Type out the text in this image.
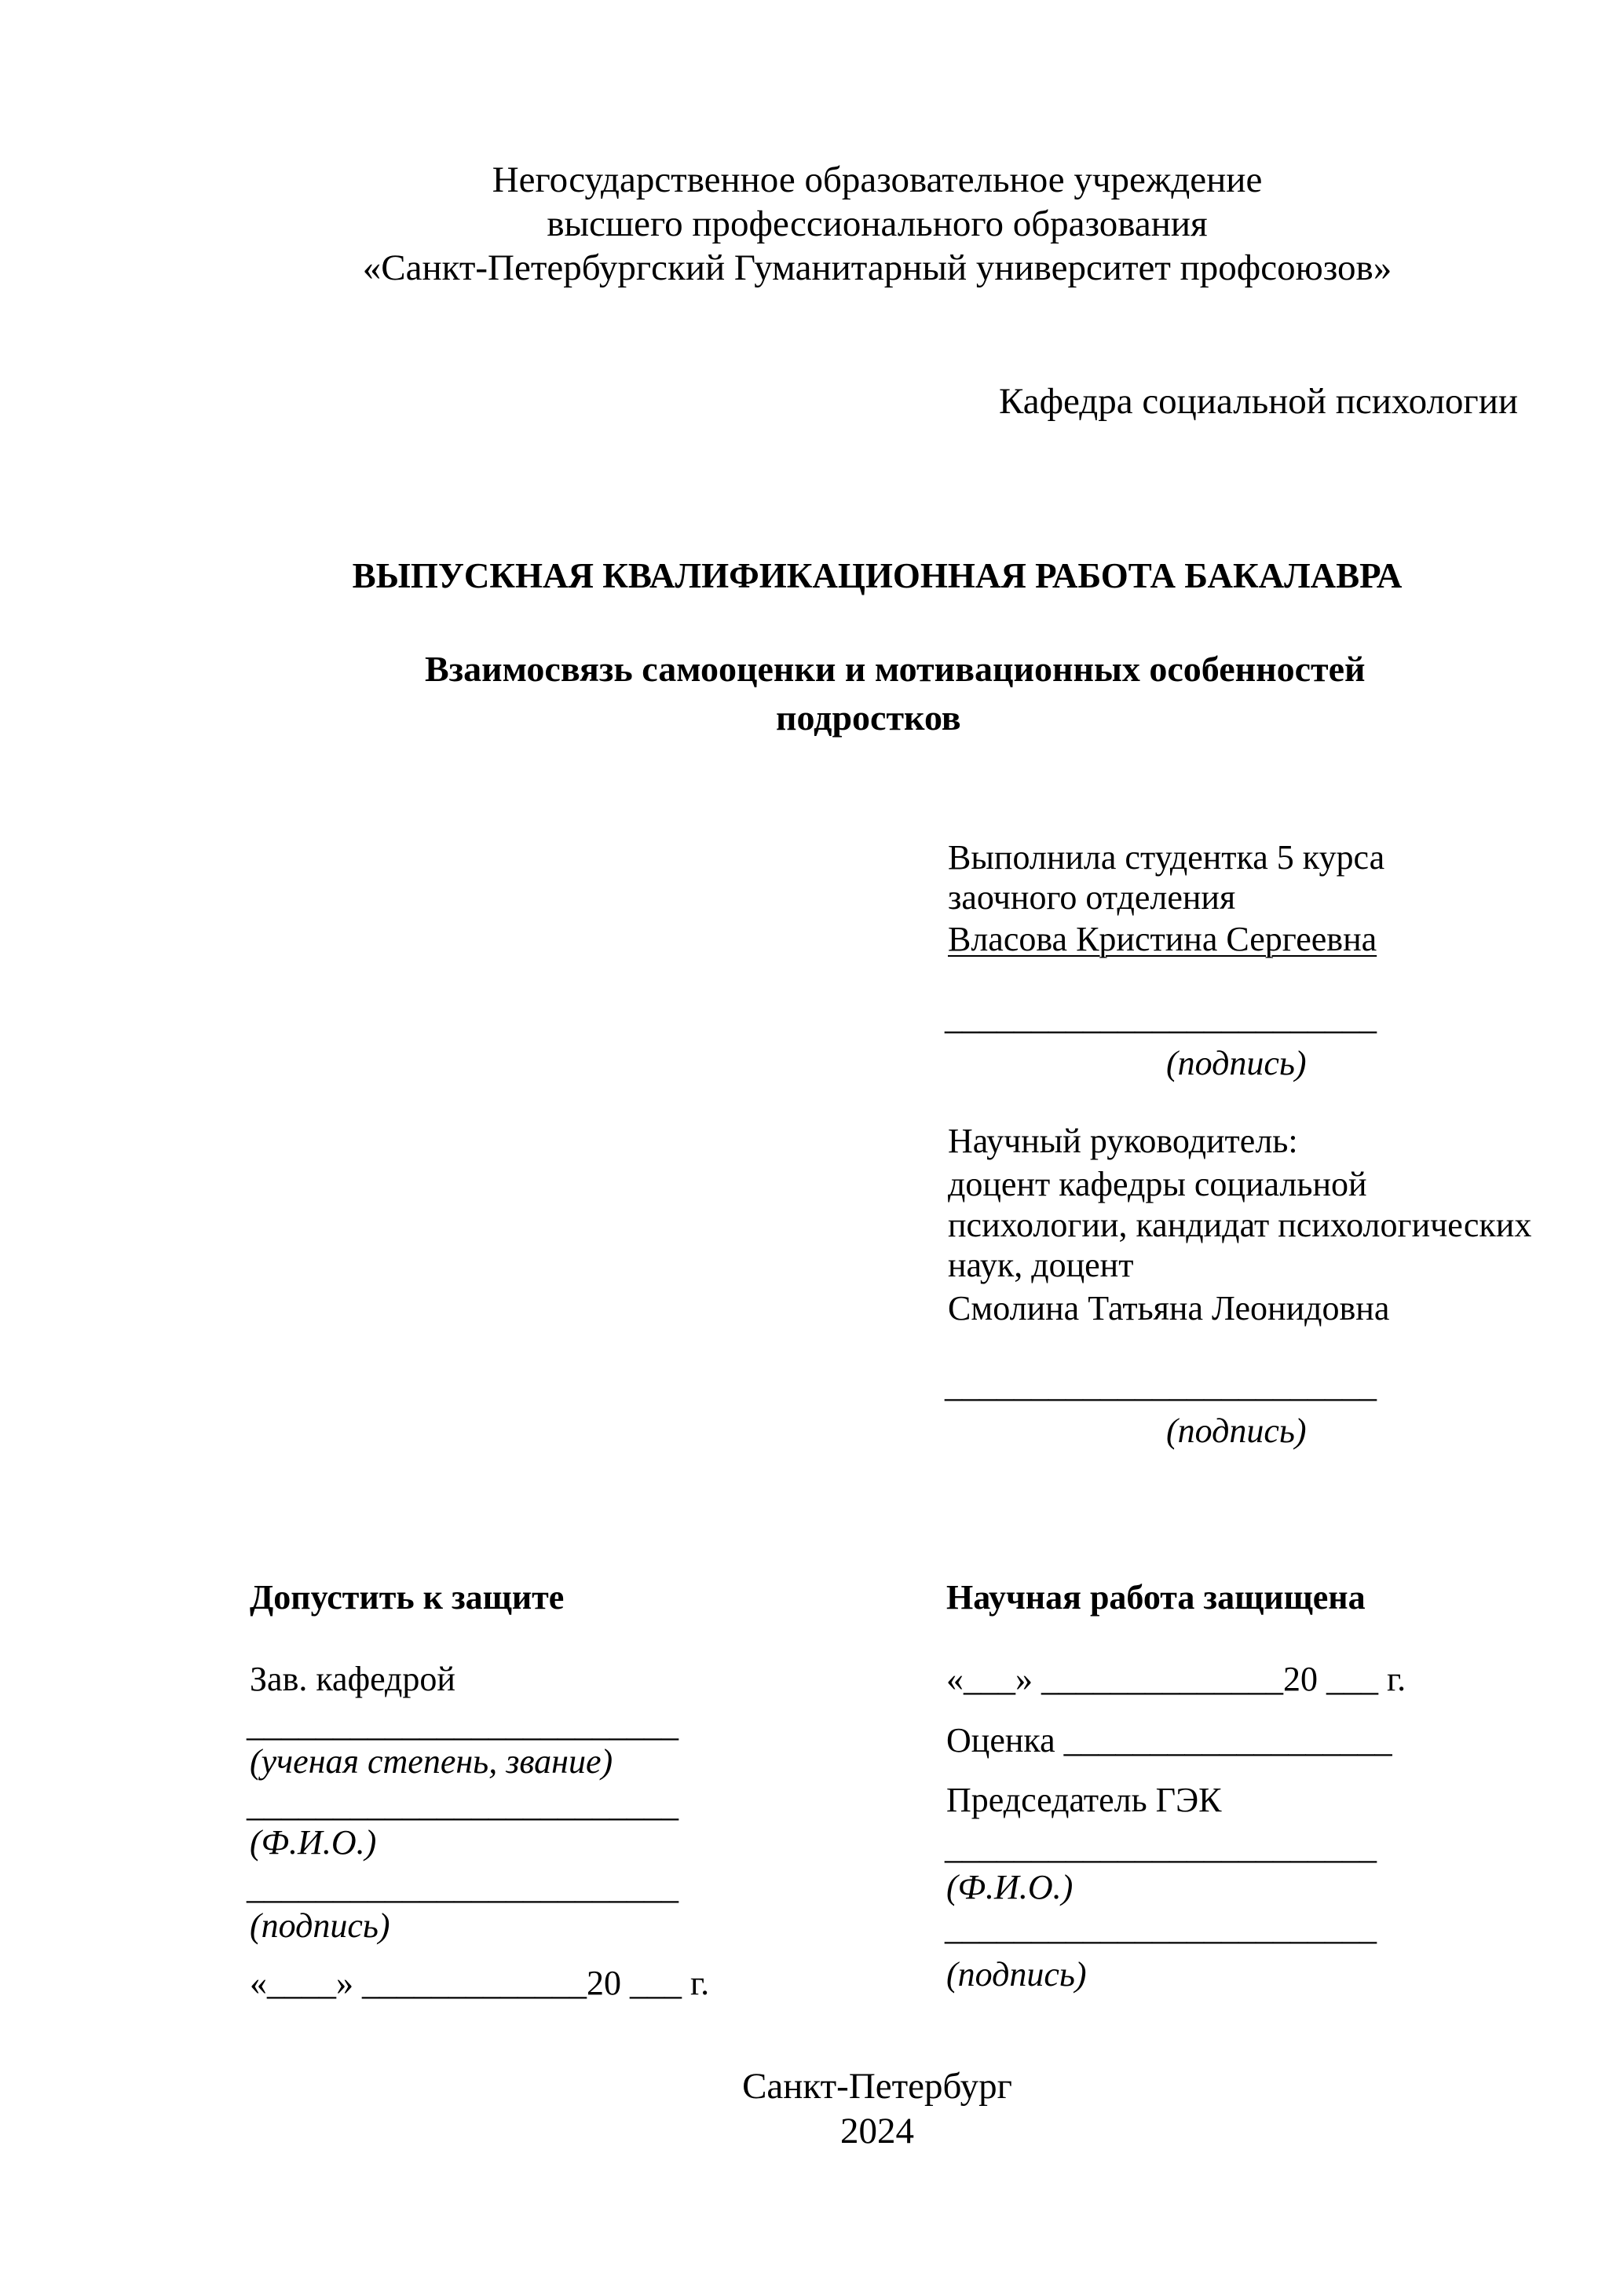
Негосударственное образовательное учреждение
высшего профессионального образования
«Санкт-Петербургский Гуманитарный университет профсоюзов»
Кафедра социальной психологии
ВЫПУСКНАЯ КВАЛИФИКАЦИОННАЯ РАБОТА БАКАЛАВРА
Взаимосвязь самооценки и мотивационных особенностей
подростков
Выполнила студентка 5 курса
заочного отделения
Власова Кристина Сергеевна
_________________________
(подпись)
Научный руководитель:
доцент кафедры социальной
психологии, кандидат психологических
наук, доцент
Смолина Татьяна Леонидовна
_________________________
(подпись)
Допустить к защите
Зав. кафедрой
_________________________
(ученая степень, звание)
_________________________
(Ф.И.О.)
_________________________
(подпись)
«____» _____________20 ___ г.
Научная работа защищена
«___» ______________20 ___ г.
Оценка ___________________
Председатель ГЭК
_________________________
(Ф.И.О.)
_________________________
(подпись)
Санкт-Петербург
2024
